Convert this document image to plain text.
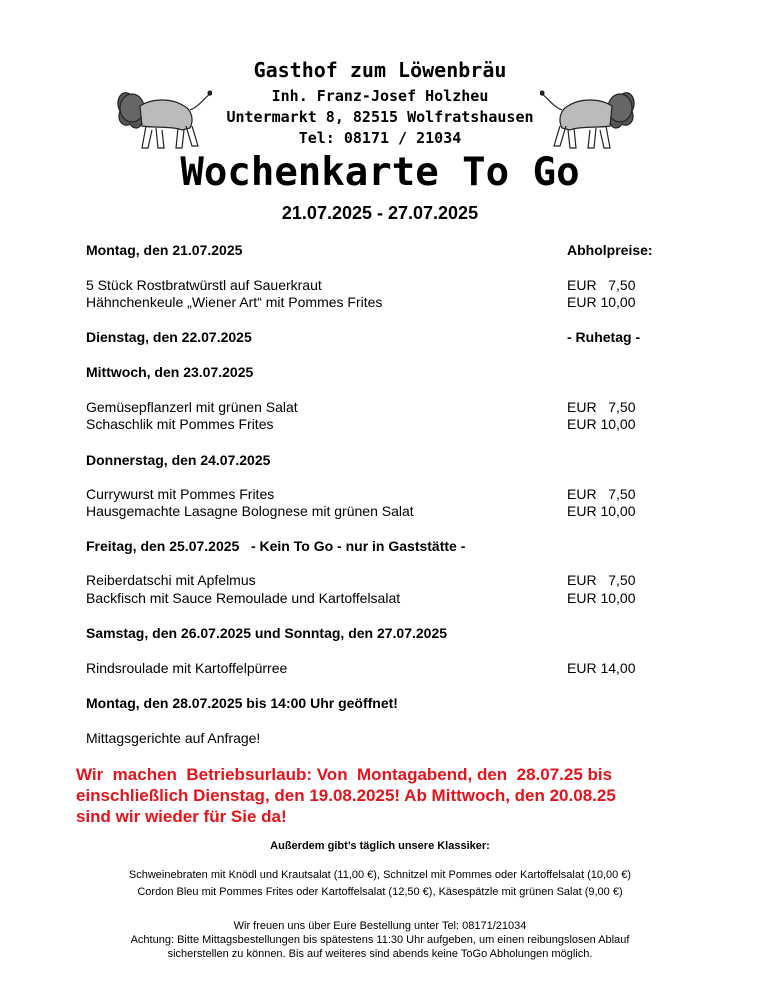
Gasthof zum Löwenbräu
Inh. Franz-Josef Holzheu
Untermarkt 8, 82515 Wolfratshausen
Tel: 08171 / 21034
Wochenkarte To Go
21.07.2025 - 27.07.2025
Montag, den 21.07.2025	Abholpreise:
5 Stück Rostbratwürstl auf Sauerkraut	EUR   7,50
Hähnchenkeule „Wiener Art“ mit Pommes Frites	EUR 10,00
Dienstag, den 22.07.2025	- Ruhetag -
Mittwoch, den 23.07.2025
Gemüsepflanzerl mit grünen Salat	EUR   7,50
Schaschlik mit Pommes Frites	EUR 10,00
Donnerstag, den 24.07.2025
Currywurst mit Pommes Frites	EUR   7,50
Hausgemachte Lasagne Bolognese mit grünen Salat	EUR 10,00
Freitag, den 25.07.2025   - Kein To Go - nur in Gaststätte -
Reiberdatschi mit Apfelmus	EUR   7,50
Backfisch mit Sauce Remoulade und Kartoffelsalat	EUR 10,00
Samstag, den 26.07.2025 und Sonntag, den 27.07.2025
Rindsroulade mit Kartoffelpürree	EUR 14,00
Montag, den 28.07.2025 bis 14:00 Uhr geöffnet!
Mittagsgerichte auf Anfrage!
Wir  machen  Betriebsurlaub: Von  Montagabend, den  28.07.25 bis
einschließlich Dienstag, den 19.08.2025! Ab Mittwoch, den 20.08.25
sind wir wieder für Sie da!
Außerdem gibt’s täglich unsere Klassiker:
Schweinebraten mit Knödl und Krautsalat (11,00 €), Schnitzel mit Pommes oder Kartoffelsalat (10,00 €)
Cordon Bleu mit Pommes Frites oder Kartoffelsalat (12,50 €), Käsespätzle mit grünen Salat (9,00 €)
Wir freuen uns über Eure Bestellung unter Tel: 08171/21034
Achtung: Bitte Mittagsbestellungen bis spätestens 11:30 Uhr aufgeben, um einen reibungslosen Ablauf
sicherstellen zu können. Bis auf weiteres sind abends keine ToGo Abholungen möglich.
